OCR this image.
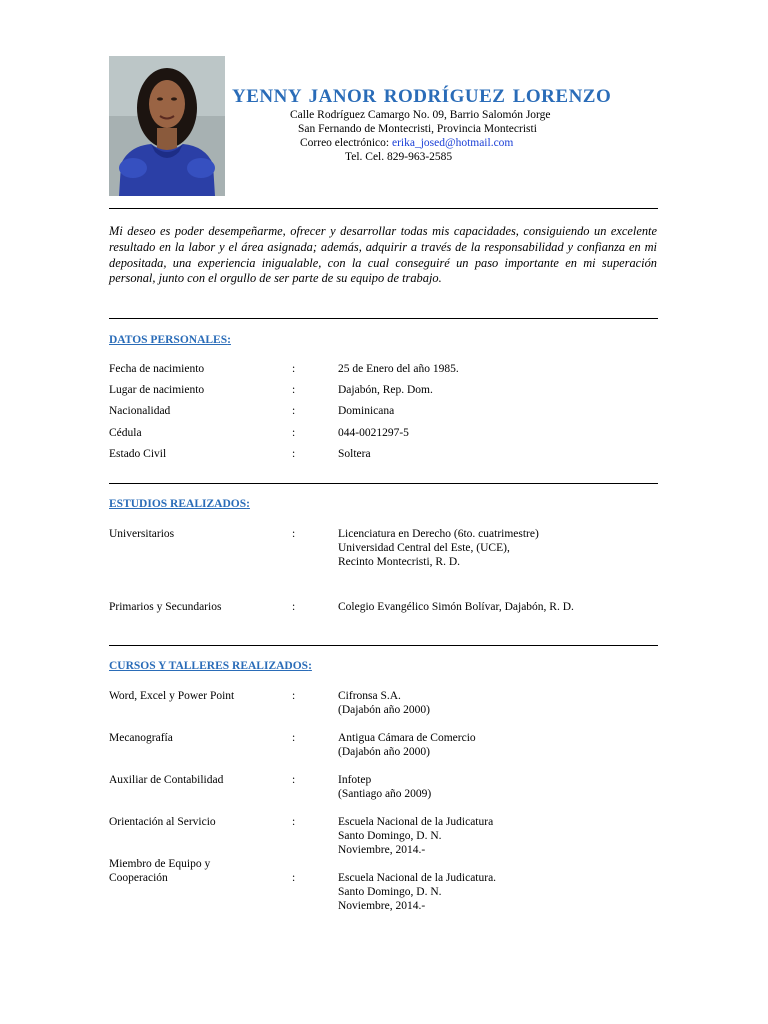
YENNY JANOR RODRÍGUEZ LORENZO
Calle Rodríguez Camargo No. 09, Barrio Salomón Jorge
San Fernando de Montecristi, Provincia Montecristi
Correo electrónico: erika_josed@hotmail.com
Tel. Cel. 829-963-2585

Mi deseo es poder desempeñarme, ofrecer y desarrollar todas mis capacidades, consiguiendo un excelente resultado en la labor y el área asignada; además, adquirir a través de la responsabilidad y confianza en mi depositada, una experiencia inigualable, con la cual conseguiré un paso importante en mi superación personal, junto con el orgullo de ser parte de su equipo de trabajo.

DATOS PERSONALES:
Fecha de nacimiento	:	25 de Enero del año 1985.
Lugar de nacimiento	:	Dajabón, Rep. Dom.
Nacionalidad	:	Dominicana
Cédula	:	044-0021297-5
Estado Civil	:	Soltera
ESTUDIOS REALIZADOS:
Universitarios	:	Licenciatura en Derecho (6to. cuatrimestre)
Universidad Central del Este, (UCE),
Recinto Montecristi, R. D.
Primarios y Secundarios	:	Colegio Evangélico Simón Bolívar, Dajabón, R. D.
CURSOS Y TALLERES REALIZADOS:
Word, Excel y Power Point	:	Cifronsa S.A.
(Dajabón año 2000)
Mecanografía	:	Antigua Cámara de Comercio
(Dajabón año 2000)
Auxiliar de Contabilidad	:	Infotep
(Santiago año 2009)
Orientación al Servicio	:	Escuela Nacional de la Judicatura
Santo Domingo, D. N.
Noviembre, 2014.-
Miembro de Equipo y
Cooperación	:	Escuela Nacional de la Judicatura.
Santo Domingo, D. N.
Noviembre, 2014.-
